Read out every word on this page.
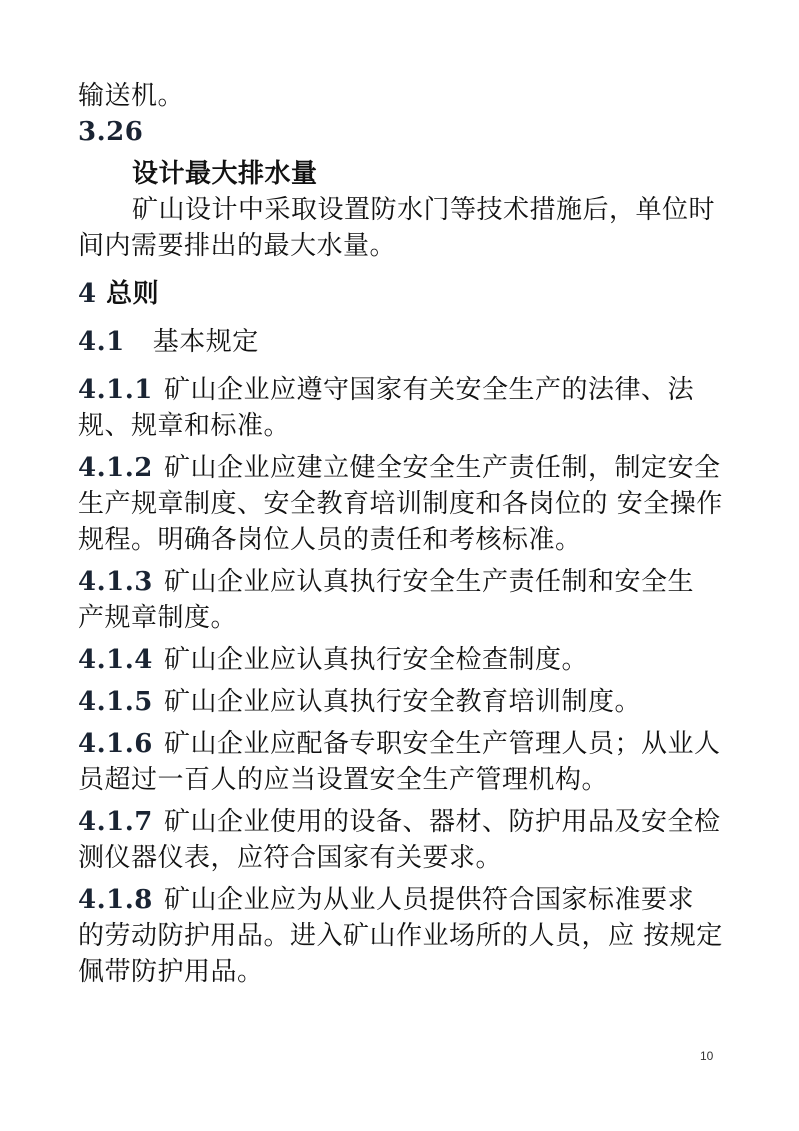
输送机。
3.26
设计最大排水量
矿山设计中采取设置防水门等技术措施后，单位时
间内需要排出的最大水量。
4 总则
4.1 基本规定
4.1.1 矿山企业应遵守国家有关安全生产的法律、法
规、规章和标准。
4.1.2 矿山企业应建立健全安全生产责任制，制定安全
生产规章制度、安全教育培训制度和各岗位的 安全操作
规程。明确各岗位人员的责任和考核标准。
4.1.3 矿山企业应认真执行安全生产责任制和安全生
产规章制度。
4.1.4 矿山企业应认真执行安全检查制度。
4.1.5 矿山企业应认真执行安全教育培训制度。
4.1.6 矿山企业应配备专职安全生产管理人员；从业人
员超过一百人的应当设置安全生产管理机构。
4.1.7 矿山企业使用的设备、器材、防护用品及安全检
测仪器仪表，应符合国家有关要求。
4.1.8 矿山企业应为从业人员提供符合国家标准要求
的劳动防护用品。进入矿山作业场所的人员，应 按规定
佩带防护用品。
10
